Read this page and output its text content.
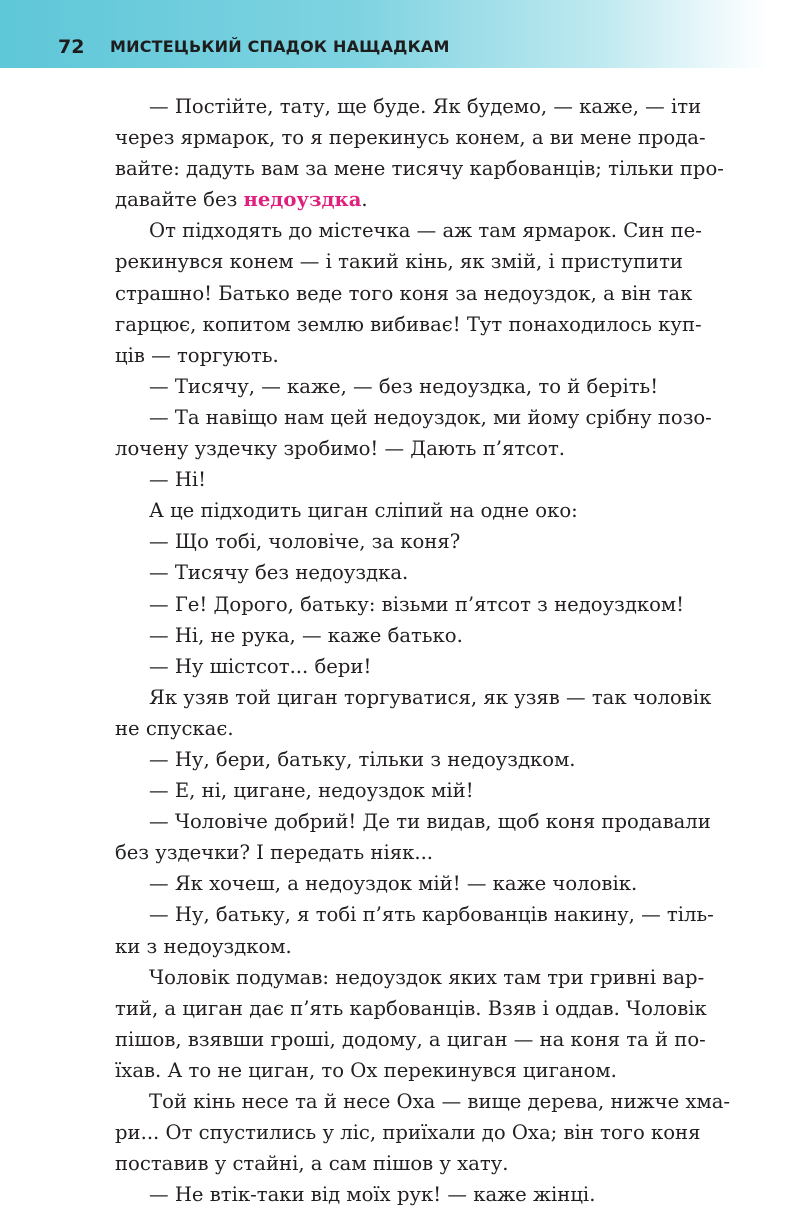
72 МИСТЕЦЬКИЙ СПАДОК НАЩАДКАМ
— Постійте, тату, ще буде. Як будемо, — каже, — іти
через ярмарок, то я перекинусь конем, а ви мене прода-
вайте: дадуть вам за мене тисячу карбованців; тільки про-
давайте без недоуздка.
От підходять до містечка — аж там ярмарок. Син пе-
рекинувся конем — і такий кінь, як змій, і приступити
страшно! Батько веде того коня за недоуздок, а він так
гарцює, копитом землю вибиває! Тут понаходилось куп-
ців — торгують.
— Тисячу, — каже, — без недоуздка, то й беріть!
— Та навіщо нам цей недоуздок, ми йому срібну позо-
лочену уздечку зробимо! — Дають п’ятсот.
— Ні!
А це підходить циган сліпий на одне око:
— Що тобі, чоловіче, за коня?
— Тисячу без недоуздка.
— Ге! Дорого, батьку: візьми п’ятсот з недоуздком!
— Ні, не рука, — каже батько.
— Ну шістсот... бери!
Як узяв той циган торгуватися, як узяв — так чоловік
не спускає.
— Ну, бери, батьку, тільки з недоуздком.
— Е, ні, цигане, недоуздок мій!
— Чоловіче добрий! Де ти видав, щоб коня продавали
без уздечки? І передать ніяк...
— Як хочеш, а недоуздок мій! — каже чоловік.
— Ну, батьку, я тобі п’ять карбованців накину, — тіль-
ки з недоуздком.
Чоловік подумав: недоуздок яких там три гривні вар-
тий, а циган дає п’ять карбованців. Взяв і оддав. Чоловік
пішов, взявши гроші, додому, а циган — на коня та й по-
їхав. А то не циган, то Ох перекинувся циганом.
Той кінь несе та й несе Оха — вище дерева, нижче хма-
ри... От спустились у ліс, приїхали до Оха; він того коня
поставив у стайні, а сам пішов у хату.
— Не втік-таки від моїх рук! — каже жінці.
